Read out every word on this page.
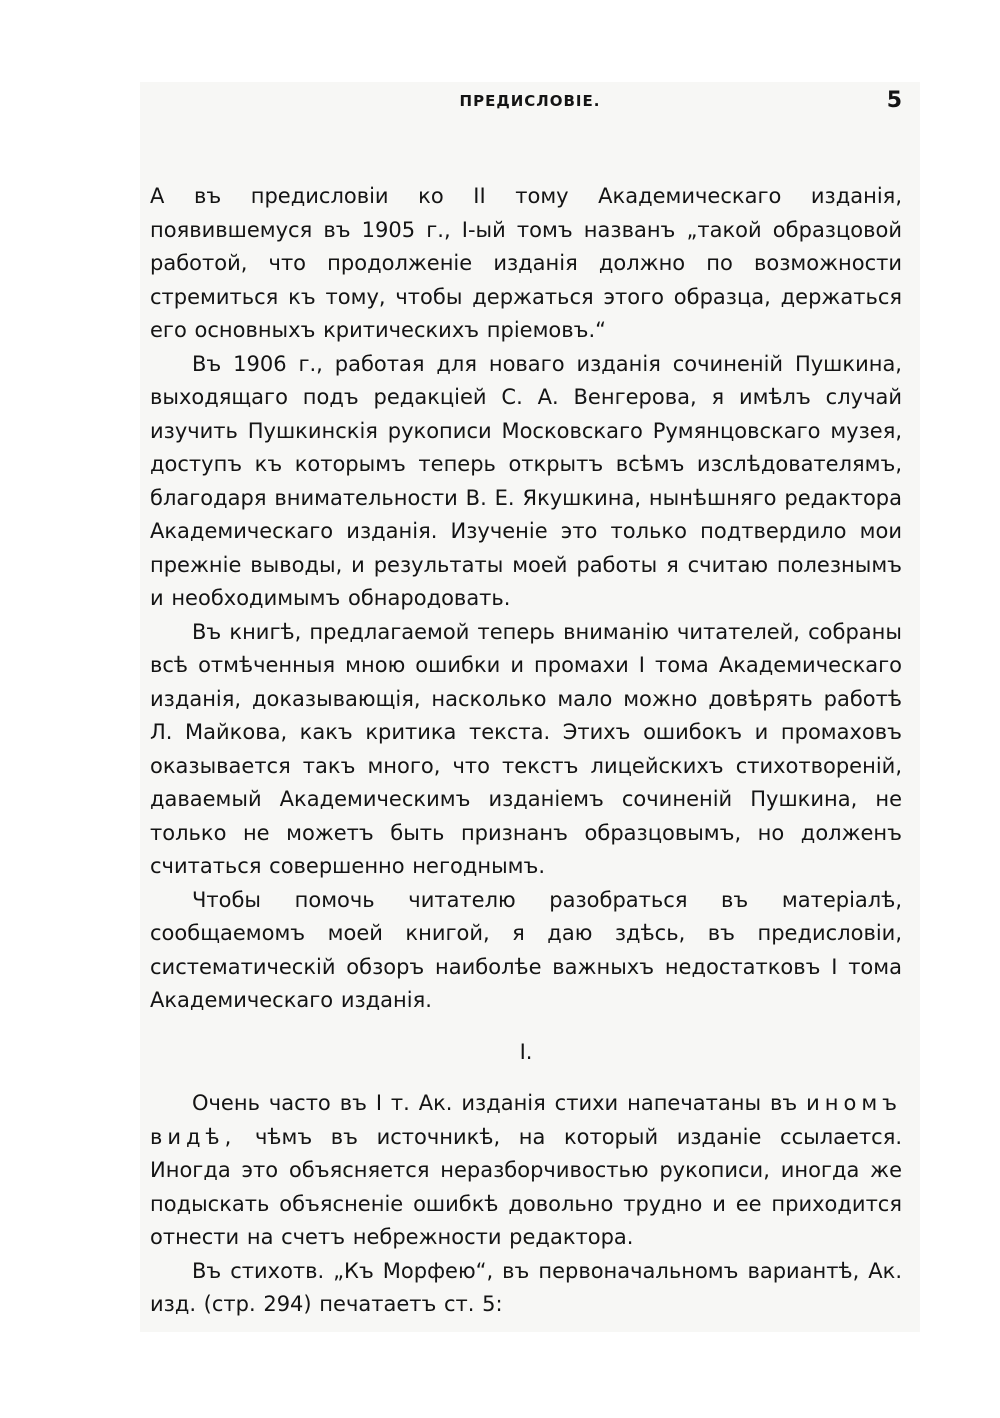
ПРЕДИСЛОВІЕ.	5

А въ предисловіи ко II тому Академическаго изданія, появившемуся въ 1905 г., I-ый томъ названъ „такой образцовой работой, что продолженіе изданія должно по возможности стремиться къ тому, чтобы держаться этого образца, держаться его основныхъ критическихъ пріемовъ.“

Въ 1906 г., работая для новаго изданія сочиненій Пушкина, выходящаго подъ редакціей С. А. Венгерова, я имѣлъ случай изучить Пушкинскія рукописи Московскаго Румянцовскаго музея, доступъ къ которымъ теперь открытъ всѣмъ изслѣдователямъ, благодаря внимательности В. Е. Якушкина, нынѣшняго редактора Академическаго изданія. Изученіе это только подтвердило мои прежніе выводы, и результаты моей работы я считаю полезнымъ и необходимымъ обнародовать.

Въ книгѣ, предлагаемой теперь вниманію читателей, собраны всѣ отмѣченныя мною ошибки и промахи I тома Академическаго изданія, доказывающія, насколько мало можно довѣрять работѣ Л. Майкова, какъ критика текста. Этихъ ошибокъ и промаховъ оказывается такъ много, что текстъ лицейскихъ стихотвореній, даваемый Академическимъ изданіемъ сочиненій Пушкина, не только не можетъ быть признанъ образцовымъ, но долженъ считаться совершенно негоднымъ.

Чтобы помочь читателю разобраться въ матеріалѣ, сообщаемомъ моей книгой, я даю здѣсь, въ предисловіи, систематическій обзоръ наиболѣе важныхъ недостатковъ I тома Академическаго изданія.

I.

Очень часто въ I т. Ак. изданія стихи напечатаны въ иномъ видѣ, чѣмъ въ источникѣ, на который изданіе ссылается. Иногда это объясняется неразборчивостью рукописи, иногда же подыскать объясненіе ошибкѣ довольно трудно и ее приходится отнести на счетъ небрежности редактора.

Въ стихотв. „Къ Морфею“, въ первоначальномъ вариантѣ, Ак. изд. (стр. 294) печатаетъ ст. 5:
